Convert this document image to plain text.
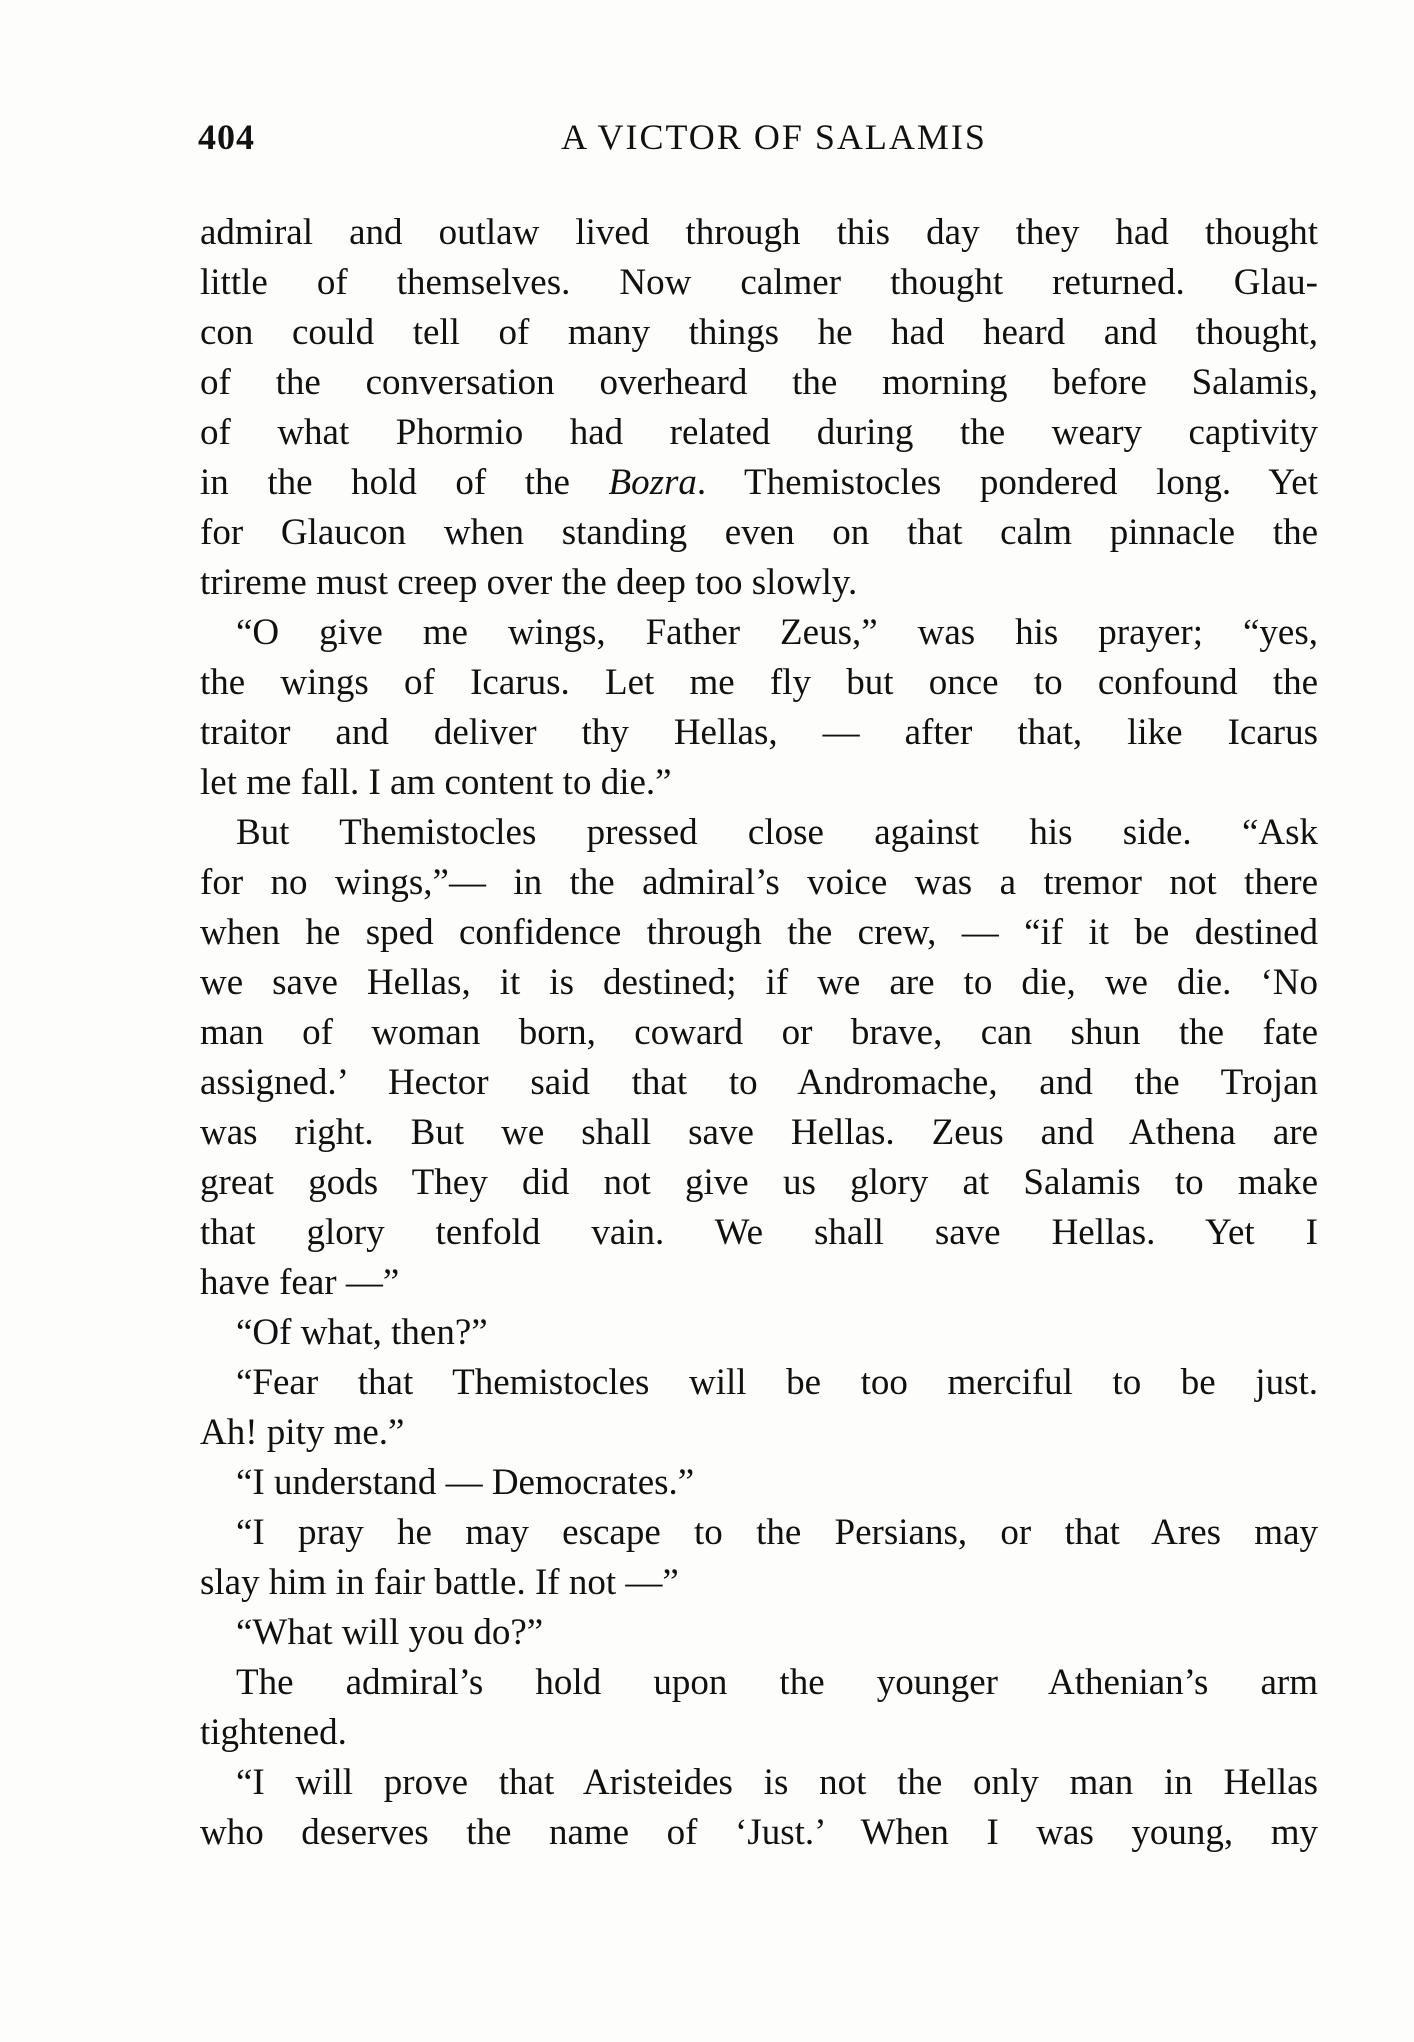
404	A VICTOR OF SALAMIS
admiral and outlaw lived through this day they had thought
little of themselves. Now calmer thought returned. Glau-
con could tell of many things he had heard and thought,
of the conversation overheard the morning before Salamis,
of what Phormio had related during the weary captivity
in the hold of the Bozra. Themistocles pondered long. Yet
for Glaucon when standing even on that calm pinnacle the
trireme must creep over the deep too slowly.
“O give me wings, Father Zeus,” was his prayer; “yes,
the wings of Icarus. Let me fly but once to confound the
traitor and deliver thy Hellas, — after that, like Icarus
let me fall. I am content to die.”
But Themistocles pressed close against his side. “Ask
for no wings,”— in the admiral’s voice was a tremor not there
when he sped confidence through the crew, — “if it be destined
we save Hellas, it is destined; if we are to die, we die. ‘No
man of woman born, coward or brave, can shun the fate
assigned.’ Hector said that to Andromache, and the Trojan
was right. But we shall save Hellas. Zeus and Athena are
great gods They did not give us glory at Salamis to make
that glory tenfold vain. We shall save Hellas. Yet I
have fear —”
“Of what, then?”
“Fear that Themistocles will be too merciful to be just.
Ah! pity me.”
“I understand — Democrates.”
“I pray he may escape to the Persians, or that Ares may
slay him in fair battle. If not —”
“What will you do?”
The admiral’s hold upon the younger Athenian’s arm
tightened.
“I will prove that Aristeides is not the only man in Hellas
who deserves the name of ‘Just.’ When I was young, my
